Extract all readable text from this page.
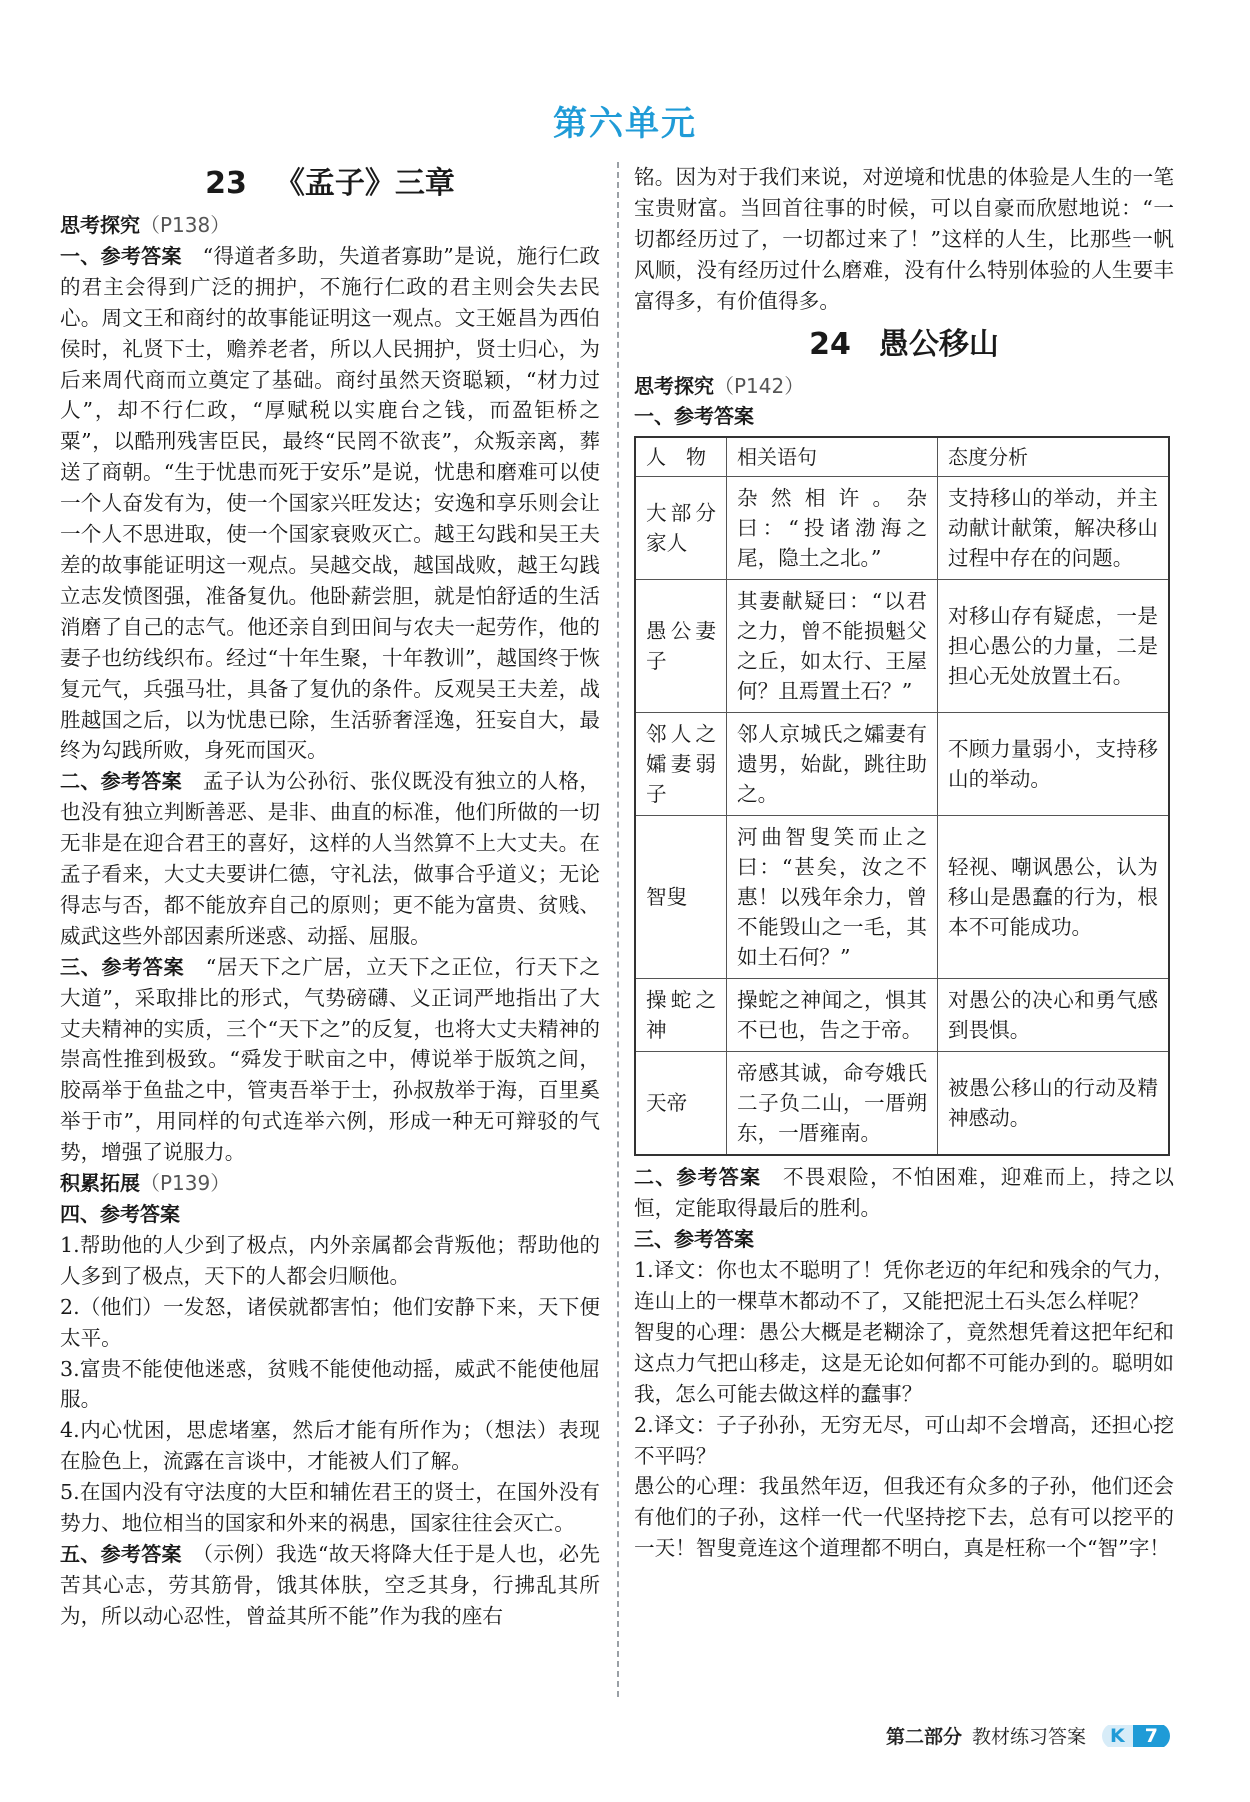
第六单元
23 《孟子》三章

思考探究（P138）

一、参考答案　 “得道者多助，失道者寡助”是说，施行仁政的君主会得到广泛的拥护，不施行仁政的君主则会失去民心。周文王和商纣的故事能证明这一观点。文王姬昌为西伯侯时，礼贤下士，赡养老者，所以人民拥护，贤士归心，为后来周代商而立奠定了基础。商纣虽然天资聪颖，“材力过人”，却不行仁政，“厚赋税以实鹿台之钱，而盈钜桥之粟”，以酷刑残害臣民，最终“民罔不欲丧”，众叛亲离，葬送了商朝。“生于忧患而死于安乐”是说，忧患和磨难可以使一个人奋发有为，使一个国家兴旺发达；安逸和享乐则会让一个人不思进取，使一个国家衰败灭亡。越王勾践和吴王夫差的故事能证明这一观点。吴越交战，越国战败，越王勾践立志发愤图强，准备复仇。他卧薪尝胆，就是怕舒适的生活消磨了自己的志气。他还亲自到田间与农夫一起劳作，他的妻子也纺线织布。经过“十年生聚，十年教训”，越国终于恢复元气，兵强马壮，具备了复仇的条件。反观吴王夫差，战胜越国之后，以为忧患已除，生活骄奢淫逸，狂妄自大，最终为勾践所败，身死而国灭。

二、参考答案　 孟子认为公孙衍、张仪既没有独立的人格，也没有独立判断善恶、是非、曲直的标准，他们所做的一切无非是在迎合君王的喜好，这样的人当然算不上大丈夫。在孟子看来，大丈夫要讲仁德，守礼法，做事合乎道义；无论得志与否，都不能放弃自己的原则；更不能为富贵、贫贱、威武这些外部因素所迷惑、动摇、屈服。

三、参考答案　 “居天下之广居，立天下之正位，行天下之大道”，采取排比的形式，气势磅礴、义正词严地指出了大丈夫精神的实质，三个“天下之”的反复，也将大丈夫精神的崇高性推到极致。“舜发于畎亩之中，傅说举于版筑之间，胶鬲举于鱼盐之中，管夷吾举于士，孙叔敖举于海，百里奚举于市”，用同样的句式连举六例，形成一种无可辩驳的气势，增强了说服力。

积累拓展（P139）

四、参考答案

1.帮助他的人少到了极点，内外亲属都会背叛他；帮助他的人多到了极点，天下的人都会归顺他。

2.（他们）一发怒，诸侯就都害怕；他们安静下来，天下便太平。

3.富贵不能使他迷惑，贫贱不能使他动摇，威武不能使他屈服。

4.内心忧困，思虑堵塞，然后才能有所作为；（想法）表现在脸色上，流露在言谈中，才能被人们了解。

5.在国内没有守法度的大臣和辅佐君王的贤士，在国外没有势力、地位相当的国家和外来的祸患，国家往往会灭亡。

五、参考答案　 （示例）我选“故天将降大任于是人也，必先苦其心志，劳其筋骨，饿其体肤，空乏其身，行拂乱其所为，所以动心忍性，曾益其所不能”作为我的座右

铭。因为对于我们来说，对逆境和忧患的体验是人生的一笔宝贵财富。当回首往事的时候，可以自豪而欣慰地说：“一切都经历过了，一切都过来了！”这样的人生，比那些一帆风顺，没有经历过什么磨难，没有什么特别体验的人生要丰富得多，有价值得多。

24 愚公移山

思考探究（P142）

一、参考答案

人　物	相关语句	态度分析
大部分家人	杂然相许。杂曰：“投诸渤海之尾，隐土之北。”	支持移山的举动，并主动献计献策，解决移山过程中存在的问题。
愚公妻子	其妻献疑曰：“以君之力，曾不能损魁父之丘，如太行、王屋何？且焉置土石？”	对移山存有疑虑，一是担心愚公的力量，二是担心无处放置土石。
邻人之孀妻弱子	邻人京城氏之孀妻有遗男，始龀，跳往助之。	不顾力量弱小，支持移山的举动。
智叟	河曲智叟笑而止之曰：“甚矣，汝之不惠！以残年余力，曾不能毁山之一毛，其如土石何？”	轻视、嘲讽愚公，认为移山是愚蠢的行为，根本不可能成功。
操蛇之神	操蛇之神闻之，惧其不已也，告之于帝。	对愚公的决心和勇气感到畏惧。
天帝	帝感其诚，命夸娥氏二子负二山，一厝朔东，一厝雍南。	被愚公移山的行动及精神感动。

二、参考答案　 不畏艰险，不怕困难，迎难而上，持之以恒，定能取得最后的胜利。

三、参考答案

1.译文：你也太不聪明了！凭你老迈的年纪和残余的气力，连山上的一棵草木都动不了，又能把泥土石头怎么样呢？

智叟的心理：愚公大概是老糊涂了，竟然想凭着这把年纪和这点力气把山移走，这是无论如何都不可能办到的。聪明如我，怎么可能去做这样的蠢事？

2.译文：子子孙孙，无穷无尽，可山却不会增高，还担心挖不平吗？

愚公的心理：我虽然年迈，但我还有众多的子孙，他们还会有他们的子孙，这样一代一代坚持挖下去，总有可以挖平的一天！智叟竟连这个道理都不明白，真是枉称一个“智”字！

第二部分 教材练习答案	K	7
